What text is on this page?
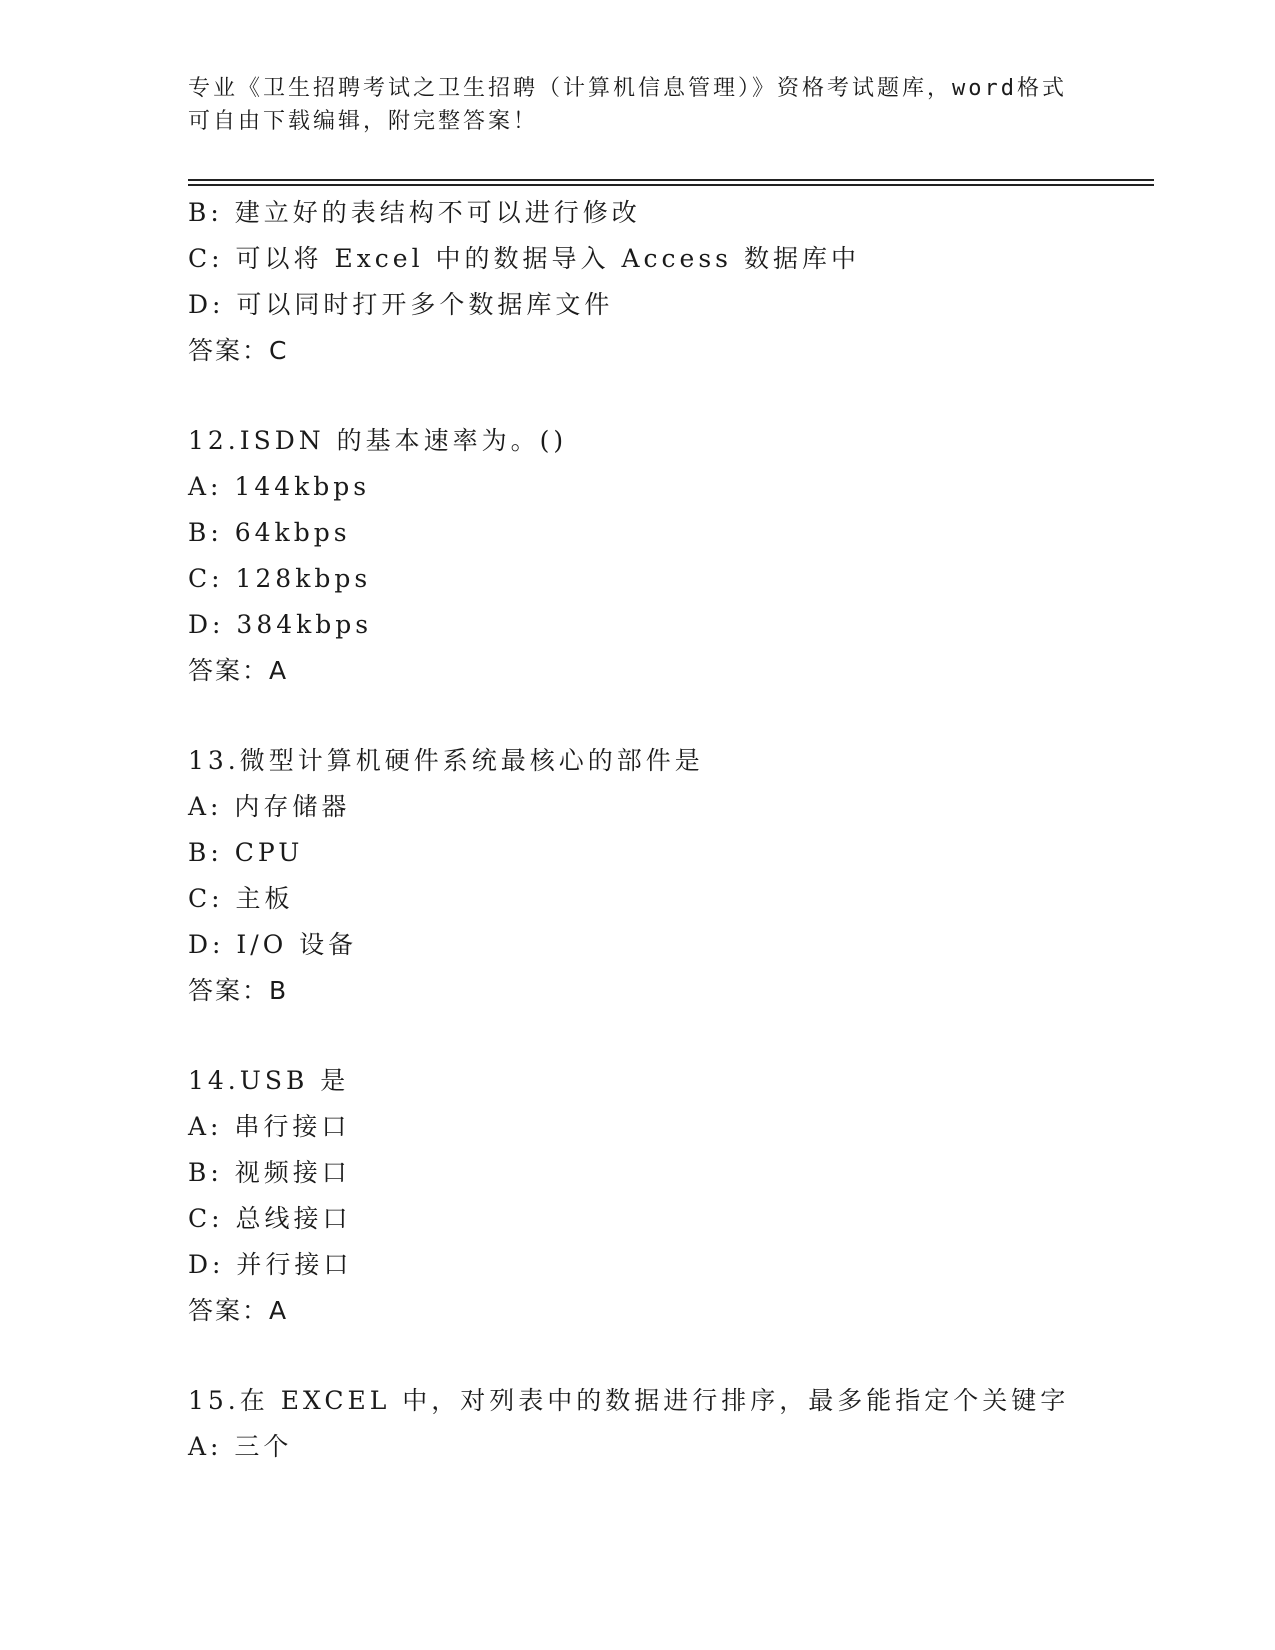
专业《卫生招聘考试之卫生招聘（计算机信息管理）》资格考试题库，word格式
可自由下载编辑，附完整答案！
B: 建立好的表结构不可以进行修改
C: 可以将 Excel 中的数据导入 Access 数据库中
D: 可以同时打开多个数据库文件
答案：C
12.ISDN 的基本速率为。()
A: 144kbps
B: 64kbps
C: 128kbps
D: 384kbps
答案：A
13.微型计算机硬件系统最核心的部件是
A: 内存储器
B: CPU
C: 主板
D: I/O 设备
答案：B
14.USB 是
A: 串行接口
B: 视频接口
C: 总线接口
D: 并行接口
答案：A
15.在 EXCEL 中，对列表中的数据进行排序，最多能指定个关键字
A: 三个
